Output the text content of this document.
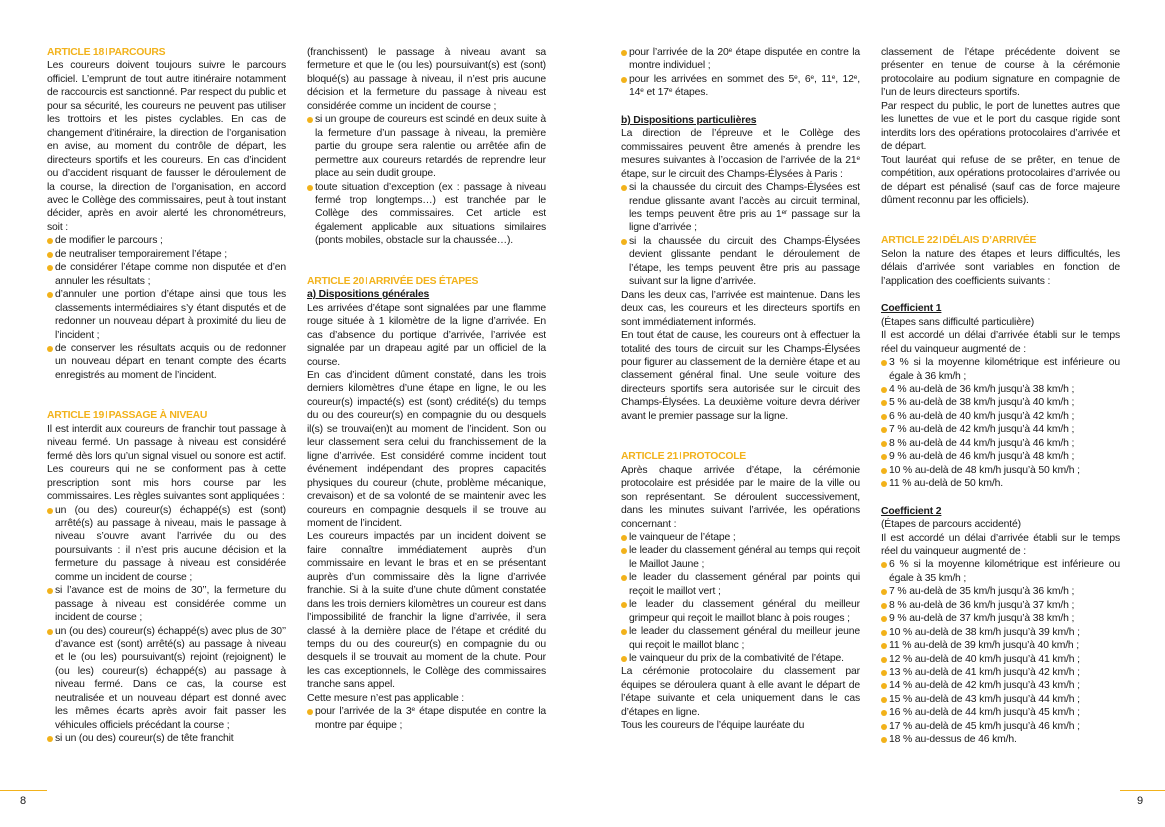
ARTICLE 18IPARCOURS

Les coureurs doivent toujours suivre le parcours officiel. L’emprunt de tout autre itinéraire notamment de raccourcis est sanctionné. Par respect du public et pour sa sécurité, les coureurs ne peuvent pas utiliser les trottoirs et les pistes cyclables. En cas de changement d’itinéraire, la direction de l’organisation en avise, au moment du contrôle de départ, les directeurs sportifs et les coureurs. En cas d’incident ou d’accident risquant de fausser le déroulement de la course, la direction de l’organisation, en accord avec le Collège des commissaires, peut à tout instant décider, après en avoir alerté les chronométreurs, soit :

de modifier le parcours ;
de neutraliser temporairement l’étape ;
de considérer l’étape comme non disputée et d’en annuler les résultats ;
d’annuler une portion d’étape ainsi que tous les classements intermédiaires s’y étant disputés et de redonner un nouveau départ à proximité du lieu de l’incident ;
de conserver les résultats acquis ou de redonner un nouveau départ en tenant compte des écarts enregistrés au moment de l’incident.
ARTICLE 19IPASSAGE À NIVEAU

Il est interdit aux coureurs de franchir tout passage à niveau fermé. Un passage à niveau est considéré fermé dès lors qu’un signal visuel ou sonore est actif. Les coureurs qui ne se conforment pas à cette prescription sont mis hors course par les commissaires. Les règles suivantes sont appliquées :

un (ou des) coureur(s) échappé(s) est (sont) arrêté(s) au passage à niveau, mais le passage à niveau s’ouvre avant l’arrivée du ou des poursuivants : il n’est pris aucune décision et la fermeture du passage à niveau est considérée comme un incident de course ;
si l’avance est de moins de 30’’, la fermeture du passage à niveau est considérée comme un incident de course ;
un (ou des) coureur(s) échappé(s) avec plus de 30’’ d’avance est (sont) arrêté(s) au passage à niveau et le (ou les) poursuivant(s) rejoint (rejoignent) le (ou les) coureur(s) échappé(s) au passage à niveau fermé. Dans ce cas, la course est neutralisée et un nouveau départ est donné avec les mêmes écarts après avoir fait passer les véhicules officiels précédant la course ;
si un (ou des) coureur(s) de tête franchit

(franchissent) le passage à niveau avant sa fermeture et que le (ou les) poursuivant(s) est (sont) bloqué(s) au passage à niveau, il n’est pris aucune décision et la fermeture du passage à niveau est considérée comme un incident de course ;

si un groupe de coureurs est scindé en deux suite à la fermeture d’un passage à niveau, la première partie du groupe sera ralentie ou arrêtée afin de permettre aux coureurs retardés de reprendre leur place au sein dudit groupe.
toute situation d’exception (ex : passage à niveau fermé trop longtemps…) est tranchée par le Collège des commissaires. Cet article est également applicable aux situations similaires (ponts mobiles, obstacle sur la chaussée…).
ARTICLE 20IARRIVÉE DES ÉTAPES

a) Dispositions générales

Les arrivées d’étape sont signalées par une flamme rouge située à 1 kilomètre de la ligne d’arrivée. En cas d’absence du portique d’arrivée, l’arrivée est signalée par un drapeau agité par un officiel de la course.

En cas d’incident dûment constaté, dans les trois derniers kilomètres d’une étape en ligne, le ou les coureur(s) impacté(s) est (sont) crédité(s) du temps du ou des coureur(s) en compagnie du ou desquels il(s) se trouvai(en)t au moment de l’incident. Son ou leur classement sera celui du franchissement de la ligne d’arrivée. Est considéré comme incident tout événement indépendant des propres capacités physiques du coureur (chute, problème mécanique, crevaison) et de sa volonté de se maintenir avec les coureurs en compagnie desquels il se trouve au moment de l’incident.

Les coureurs impactés par un incident doivent se faire connaître immédiatement auprès d’un commissaire en levant le bras et en se présentant auprès d’un commissaire dès la ligne d’arrivée franchie. Si à la suite d’une chute dûment constatée dans les trois derniers kilomètres un coureur est dans l’impossibilité de franchir la ligne d’arrivée, il sera classé à la dernière place de l’étape et crédité du temps du ou des coureur(s) en compagnie du ou desquels il se trouvait au moment de la chute. Pour les cas exceptionnels, le Collège des commissaires tranche sans appel.

Cette mesure n’est pas applicable :

pour l’arrivée de la 3e étape disputée en contre la montre par équipe ;
pour l’arrivée de la 20e étape disputée en contre la montre individuel ;
pour les arrivées en sommet des 5e, 6e, 11e, 12e, 14e et 17e étapes.

b) Dispositions particulières

La direction de l’épreuve et le Collège des commissaires peuvent être amenés à prendre les mesures suivantes à l’occasion de l’arrivée de la 21e étape, sur le circuit des Champs-Élysées à Paris :

si la chaussée du circuit des Champs-Élysées est rendue glissante avant l’accès au circuit terminal, les temps peuvent être pris au 1er passage sur la ligne d’arrivée ;
si la chaussée du circuit des Champs-Élysées devient glissante pendant le déroulement de l’étape, les temps peuvent être pris au passage suivant sur la ligne d’arrivée.

Dans les deux cas, l’arrivée est maintenue. Dans les deux cas, les coureurs et les directeurs sportifs en sont immédiatement informés.

En tout état de cause, les coureurs ont à effectuer la totalité des tours de circuit sur les Champs-Élysées pour figurer au classement de la dernière étape et au classement général final. Une seule voiture des directeurs sportifs sera autorisée sur le circuit des Champs-Élysées. La deuxième voiture devra dériver avant le premier passage sur la ligne.

ARTICLE 21IPROTOCOLE

Après chaque arrivée d’étape, la cérémonie protocolaire est présidée par le maire de la ville ou son représentant. Se déroulent successivement, dans les minutes suivant l’arrivée, les opérations concernant :

le vainqueur de l’étape ;
le leader du classement général au temps qui reçoit le Maillot Jaune ;
le leader du classement général par points qui reçoit le maillot vert ;
le leader du classement général du meilleur grimpeur qui reçoit le maillot blanc à pois rouges ;
le leader du classement général du meilleur jeune qui reçoit le maillot blanc ;
le vainqueur du prix de la combativité de l’étape.

La cérémonie protocolaire du classement par équipes se déroulera quant à elle avant le départ de l’étape suivante et cela uniquement dans le cas d’étapes en ligne.

Tous les coureurs de l’équipe lauréate du

classement de l’étape précédente doivent se présenter en tenue de course à la cérémonie protocolaire au podium signature en compagnie de l’un de leurs directeurs sportifs.

Par respect du public, le port de lunettes autres que les lunettes de vue et le port du casque rigide sont interdits lors des opérations protocolaires d’arrivée et de départ.

Tout lauréat qui refuse de se prêter, en tenue de compétition, aux opérations protocolaires d’arrivée ou de départ est pénalisé (sauf cas de force majeure dûment reconnu par les officiels).

ARTICLE 22IDÉLAIS D’ARRIVÉE

Selon la nature des étapes et leurs difficultés, les délais d’arrivée sont variables en fonction de l’application des coefficients suivants :

Coefficient 1

(Étapes sans difficulté particulière)

Il est accordé un délai d’arrivée établi sur le temps réel du vainqueur augmenté de :

3 % si la moyenne kilométrique est inférieure ou égale à 36 km/h ;
4 % au-delà de 36 km/h jusqu’à 38 km/h ;
5 % au-delà de 38 km/h jusqu’à 40 km/h ;
6 % au-delà de 40 km/h jusqu’à 42 km/h ;
7 % au-delà de 42 km/h jusqu’à 44 km/h ;
8 % au-delà de 44 km/h jusqu’à 46 km/h ;
9 % au-delà de 46 km/h jusqu’à 48 km/h ;
10 % au-delà de 48 km/h jusqu’à 50 km/h ;
11 % au-delà de 50 km/h.

Coefficient 2

(Étapes de parcours accidenté)

Il est accordé un délai d’arrivée établi sur le temps réel du vainqueur augmenté de :

6 % si la moyenne kilométrique est inférieure ou égale à 35 km/h ;
7 % au-delà de 35 km/h jusqu’à 36 km/h ;
8 % au-delà de 36 km/h jusqu’à 37 km/h ;
9 % au-delà de 37 km/h jusqu’à 38 km/h ;
10 % au-delà de 38 km/h jusqu’à 39 km/h ;
11 % au-delà de 39 km/h jusqu’à 40 km/h ;
12 % au-delà de 40 km/h jusqu’à 41 km/h ;
13 % au-delà de 41 km/h jusqu’à 42 km/h ;
14 % au-delà de 42 km/h jusqu’à 43 km/h ;
15 % au-delà de 43 km/h jusqu’à 44 km/h ;
16 % au-delà de 44 km/h jusqu’à 45 km/h ;
17 % au-delà de 45 km/h jusqu’à 46 km/h ;
18 % au-dessus de 46 km/h.
8	9
